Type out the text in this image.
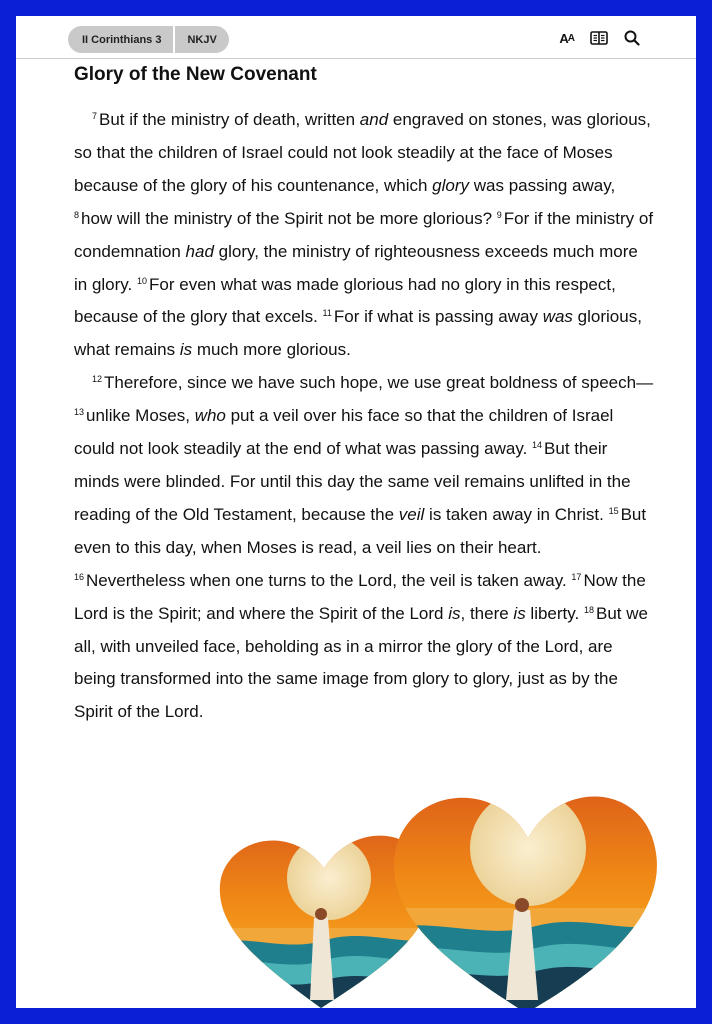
II Corinthians 3	NKJV	A A
Glory of the New Covenant

$^7$ But if the ministry of death, written and engraved on stones, was glorious, so that the children of Israel could not look steadily at the face of Moses because of the glory of his countenance, which glory was passing away, $^8$ how will the ministry of the Spirit not be more glorious? $^9$ For if the ministry of condemnation had glory, the ministry of righteousness exceeds much more in glory. $^{10}$ For even what was made glorious had no glory in this respect, because of the glory that excels. $^{11}$ For if what is passing away was glorious, what remains is much more glorious.

$^{12}$ Therefore, since we have such hope, we use great boldness of speech— $^{13}$ unlike Moses, who put a veil over his face so that the children of Israel could not look steadily at the end of what was passing away. $^{14}$ But their minds were blinded. For until this day the same veil remains unlifted in the reading of the Old Testament, because the veil is taken away in Christ. $^{15}$ But even to this day, when Moses is read, a veil lies on their heart. $^{16}$ Nevertheless when one turns to the Lord, the veil is taken away. $^{17}$ Now the Lord is the Spirit; and where the Spirit of the Lord is, there is liberty. $^{18}$ But we all, with unveiled face, beholding as in a mirror the glory of the Lord, are being transformed into the same image from glory to glory, just as by the Spirit of the Lord.
